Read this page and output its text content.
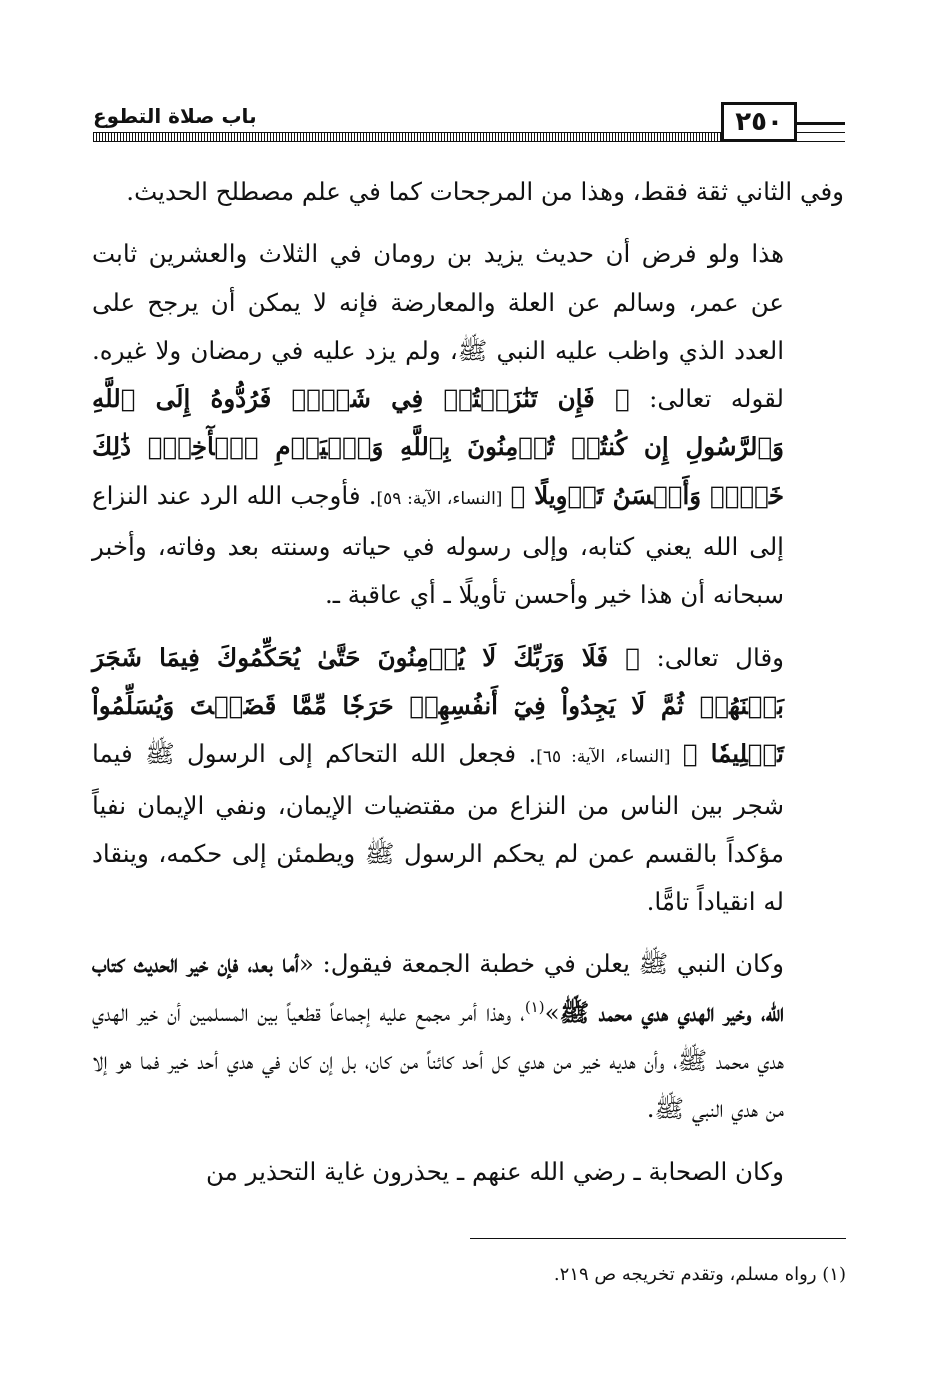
باب صلاة التطوع	٢٥٠

وفي الثاني ثقة فقط، وهذا من المرجحات كما في علم مصطلح الحديث.

هذا ولو فرض أن حديث يزيد بن رومان في الثلاث والعشرين ثابت عن عمر، وسالم عن العلة والمعارضة فإنه لا يمكن أن يرجح على العدد الذي واظب عليه النبي ﷺ، ولم يزد عليه في رمضان ولا غيره. لقوله تعالى: ﴿ فَإِن تَنَٰزَعۡتُمۡ فِي شَيۡءٖ فَرُدُّوهُ إِلَى ٱللَّهِ وَٱلرَّسُولِ إِن كُنتُمۡ تُؤۡمِنُونَ بِٱللَّهِ وَٱلۡيَوۡمِ ٱلۡأٓخِرِۚ ذَٰلِكَ خَيۡرٞ وَأَحۡسَنُ تَأۡوِيلًا ﴾ [النساء، الآية: ٥٩]. فأوجب الله الرد عند النزاع إلى الله يعني كتابه، وإلى رسوله في حياته وسنته بعد وفاته، وأخبر سبحانه أن هذا خير وأحسن تأويلًا ـ أي عاقبة ـ.

وقال تعالى: ﴿ فَلَا وَرَبِّكَ لَا يُؤۡمِنُونَ حَتَّىٰ يُحَكِّمُوكَ فِيمَا شَجَرَ بَيۡنَهُمۡ ثُمَّ لَا يَجِدُواْ فِيٓ أَنفُسِهِمۡ حَرَجٗا مِّمَّا قَضَيۡتَ وَيُسَلِّمُواْ تَسۡلِيمٗا ﴾ [النساء، الآية: ٦٥]. فجعل الله التحاكم إلى الرسول ﷺ فيما شجر بين الناس من النزاع من مقتضيات الإيمان، ونفي الإيمان نفياً مؤكداً بالقسم عمن لم يحكم الرسول ﷺ ويطمئن إلى حكمه، وينقاد له انقياداً تامًّا.

وكان النبي ﷺ يعلن في خطبة الجمعة فيقول: «أما بعد، فإن خير الحديث كتاب الله، وخير الهدي هدي محمد ﷺ»$^{(١)}$، وهذا أمر مجمع عليه إجماعاً قطعياً بين المسلمين أن خير الهدي هدي محمد ﷺ، وأن هديه خير من هدي كل أحد كائناً من كان، بل إن كان في هدي أحد خير فما هو إلا من هدي النبي ﷺ.

وكان الصحابة ـ رضي الله عنهم ـ يحذرون غاية التحذير من

(١) رواه مسلم، وتقدم تخريجه ص ٢١٩.
